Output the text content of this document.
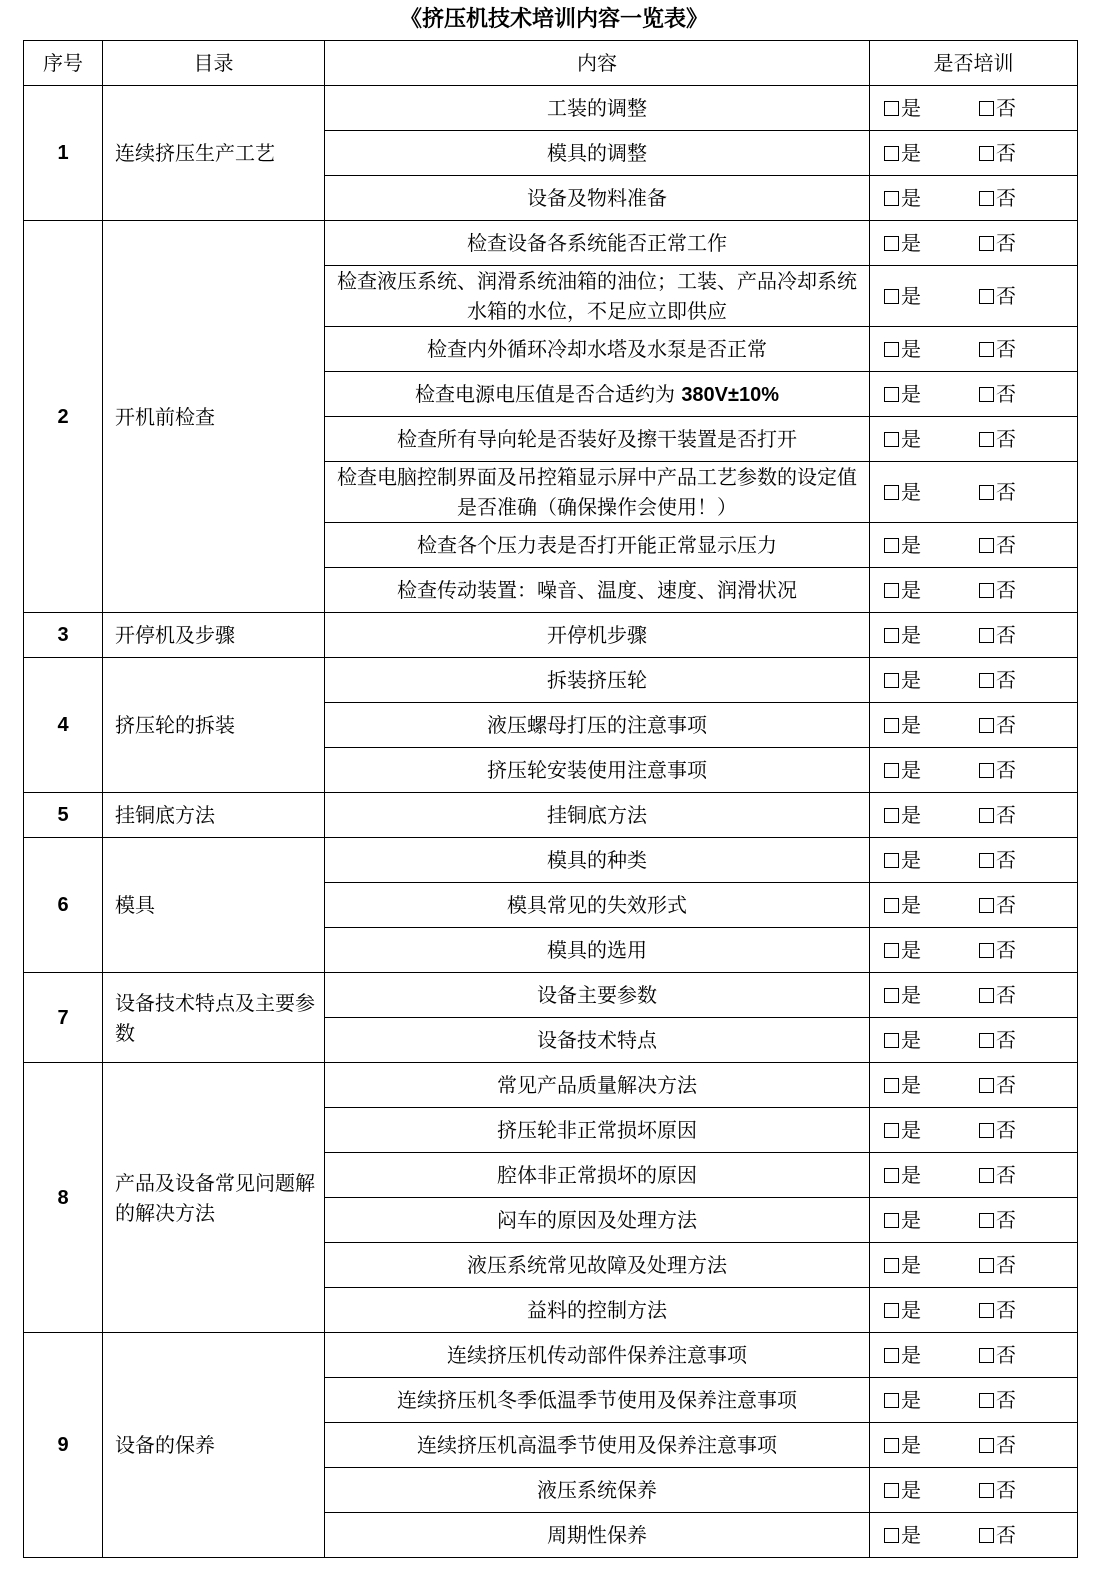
《挤压机技术培训内容一览表》
序号	目录	内容	是否培训
1	连续挤压生产工艺	工装的调整	是 否
		模具的调整	是 否
		设备及物料准备	是 否
2	开机前检查	检查设备各系统能否正常工作	是 否
		检查液压系统、润滑系统油箱的油位；工装、产品冷却系统水箱的水位，不足应立即供应	是 否
		检查内外循环冷却水塔及水泵是否正常	是 否
		检查电源电压值是否合适约为 380V±10%	是 否
		检查所有导向轮是否装好及擦干装置是否打开	是 否
		检查电脑控制界面及吊控箱显示屏中产品工艺参数的设定值是否准确（确保操作会使用！）	是 否
		检查各个压力表是否打开能正常显示压力	是 否
		检查传动装置：噪音、温度、速度、润滑状况	是 否
3	开停机及步骤	开停机步骤	是 否
4	挤压轮的拆装	拆装挤压轮	是 否
		液压螺母打压的注意事项	是 否
		挤压轮安装使用注意事项	是 否
5	挂铜底方法	挂铜底方法	是 否
6	模具	模具的种类	是 否
		模具常见的失效形式	是 否
		模具的选用	是 否
7	设备技术特点及主要参数	设备主要参数	是 否
		设备技术特点	是 否
8	产品及设备常见问题解的解决方法	常见产品质量解决方法	是 否
		挤压轮非正常损坏原因	是 否
		腔体非正常损坏的原因	是 否
		闷车的原因及处理方法	是 否
		液压系统常见故障及处理方法	是 否
		益料的控制方法	是 否
9	设备的保养	连续挤压机传动部件保养注意事项	是 否
		连续挤压机冬季低温季节使用及保养注意事项	是 否
		连续挤压机高温季节使用及保养注意事项	是 否
		液压系统保养	是 否
		周期性保养	是 否
